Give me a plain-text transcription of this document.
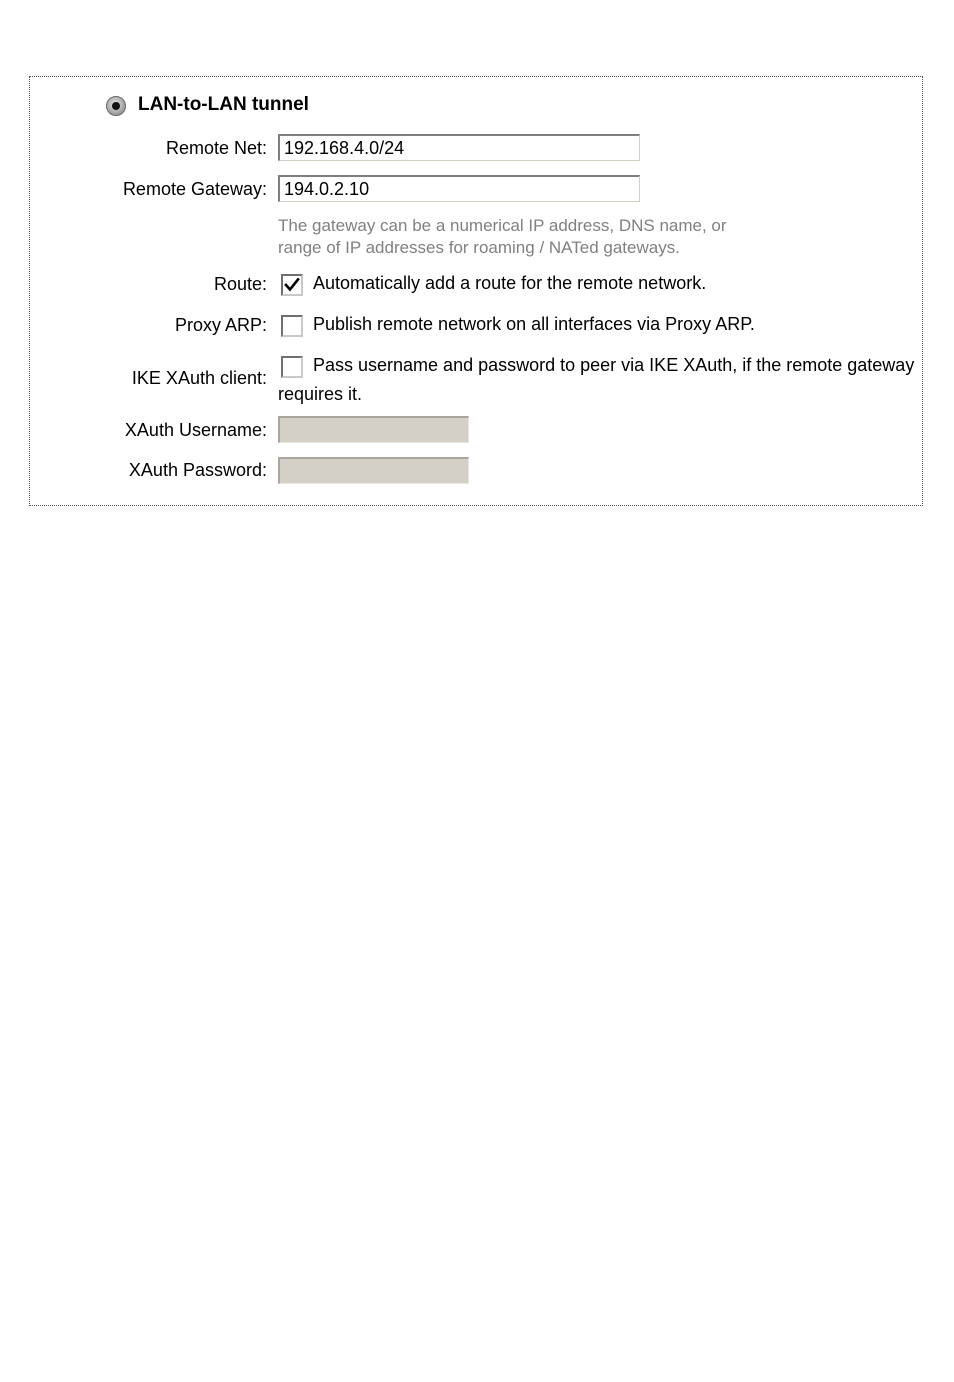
LAN-to-LAN tunnel
Remote Net: 192.168.4.0/24
Remote Gateway: 194.0.2.10
The gateway can be a numerical IP address, DNS name, or
range of IP addresses for roaming / NATed gateways.
Route:	Automatically add a route for the remote network.
Proxy ARP:	Publish remote network on all interfaces via Proxy ARP.
IKE XAuth client:
Pass username and password to peer via IKE XAuth, if the remote gateway
requires it.
XAuth Username:
XAuth Password:
